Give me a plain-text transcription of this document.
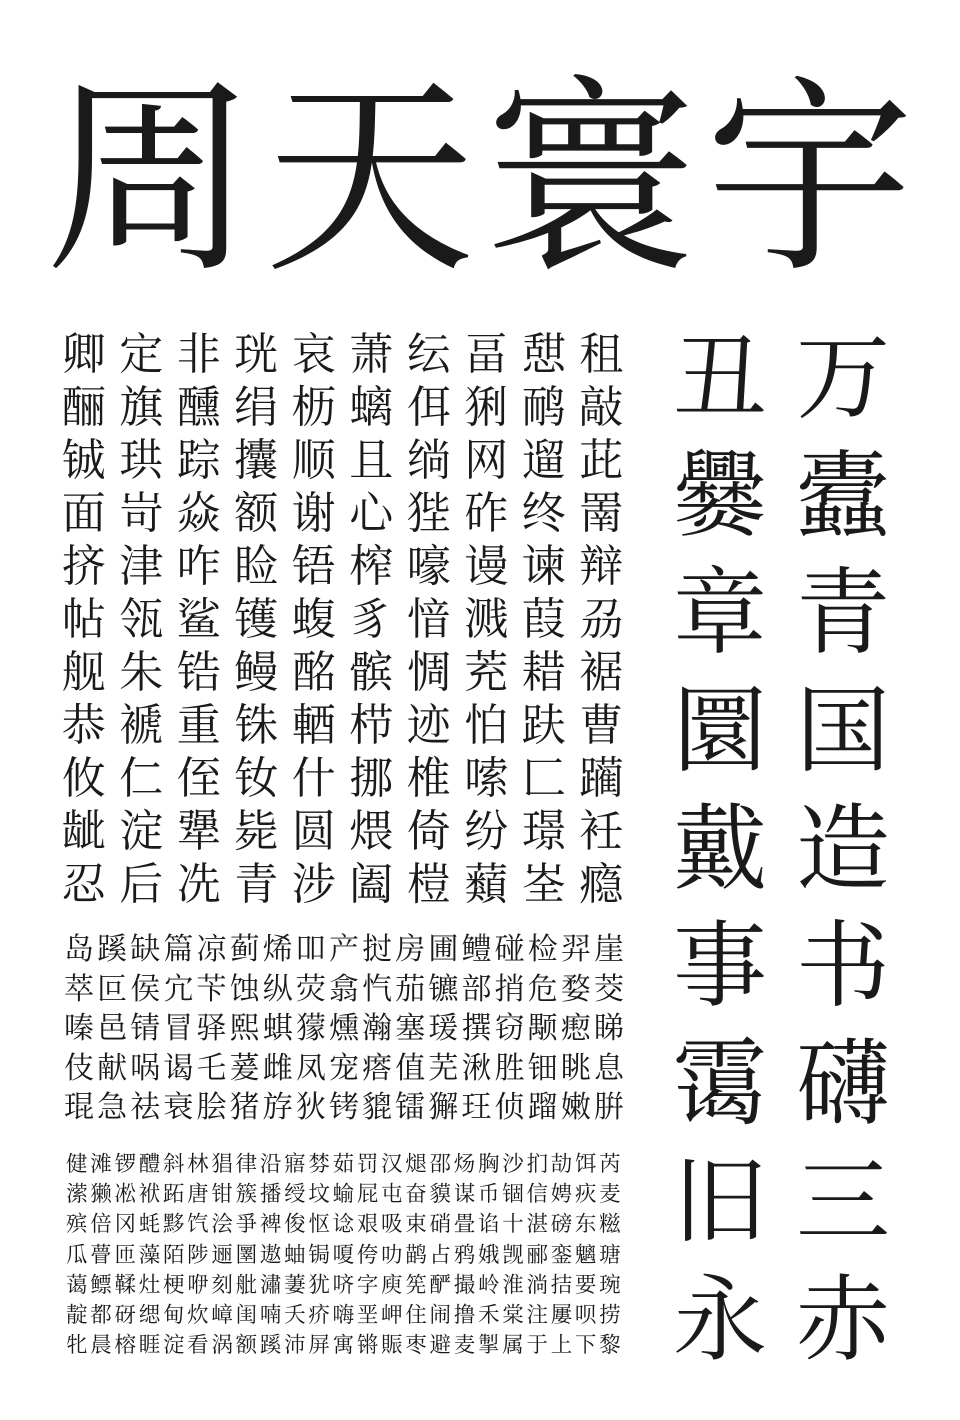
周 天 寰 宇
卿 定 非 珖 哀 萧 纭 畐 憇 租
酾 旗 醺 绢 枥 螭 佴 猁 鸸 敲
铖 珙 踪 攮 顺 且 绱 网 遛 茈
面 岢 焱 额 谢 心 狴 砟 终 罱
挤 津 咋 睑 铻 榨 嚎 谩 谏 辩
帖 瓴 鲨 镬 蝮 豸 愔 溅 葭 刕
舰 朱 锆 鳗 酩 髌 惆 茺 耤 裾
恭 褫 重 铢 輏 栉 迹 怕 趺 曹
攸 仁 侄 钕 什 挪 椎 嗦 匚 躏
龇 淀 犟 毙 圆 煨 倚 纷 璟 衽
忍 后 冼 青 涉 阖 榿 蘱 峑 瘾
丑
爨
章
圜
戴
事
霭
旧
永
万
蠹
青
国
造
书
礴
三
赤
岛 蹊 缺 篇 凉 蓟 烯 吅 产 挝 房 圃 鳢 碰 检 羿 崖
萃 叵 侯 宂 苄 蚀 纵 荧 翕 忾 茄 镳 部 捎 危 婺 茭
嗪 邑 锖 冒 驿 熙 蜞 獴 燻 瀚 塞 瑗 撰 窃 颙 瘛 睇
伎 献 㖞 谒 乇 萲 雌 凤 宠 瘩 值 芜 湫 胜 钿 眺 息
琨 急 祛 衰 脍 猪 斿 狄 铐 貔 镭 獬 玨 侦 蹓 嫩 腁
健 滩 锣 醴 斜 林 猖 律 沿 寤 棼 茹 罚 汉 煺 邵 炀 胸 沙 扪 劼 饵 芮
潆 獭 凇 袱 跖 唐 钳 簇 播 绶 坟 蝓 屁 屯 奋 貘 谋 币 锢 信 娉 疢 麦
殡 倍 冈 蚝 黟 饩 浍 爭 裨 俊 怄 谂 艰 吸 束 硝 畳 谄 十 湛 磅 东 糍
瓜 瞢 匝 藻 陌 陟 逦 圛 遨 蚰 锔 嗄 侉 叻 鹋 占 鸦 娥 觊 郦 銮 魑 瑭
蔼 鳔 鞣 灶 梗 咿 刻 舭 潚 萋 犹 哜 字 庾 筅 酽 撮 岭 淮 淌 拮 要 琬
靛 都 砑 缌 甸 炊 嶂 闺 喃 夭 疥 嗨 垩 岬 住 闹 撸 禾 棠 注 屢 呗 捞
牝 晨 榕 睚 淀 看 涡 额 蹊 沛 屏 寓 锵 賑 枣 避 麦 掣 属 于 上 下 黎
